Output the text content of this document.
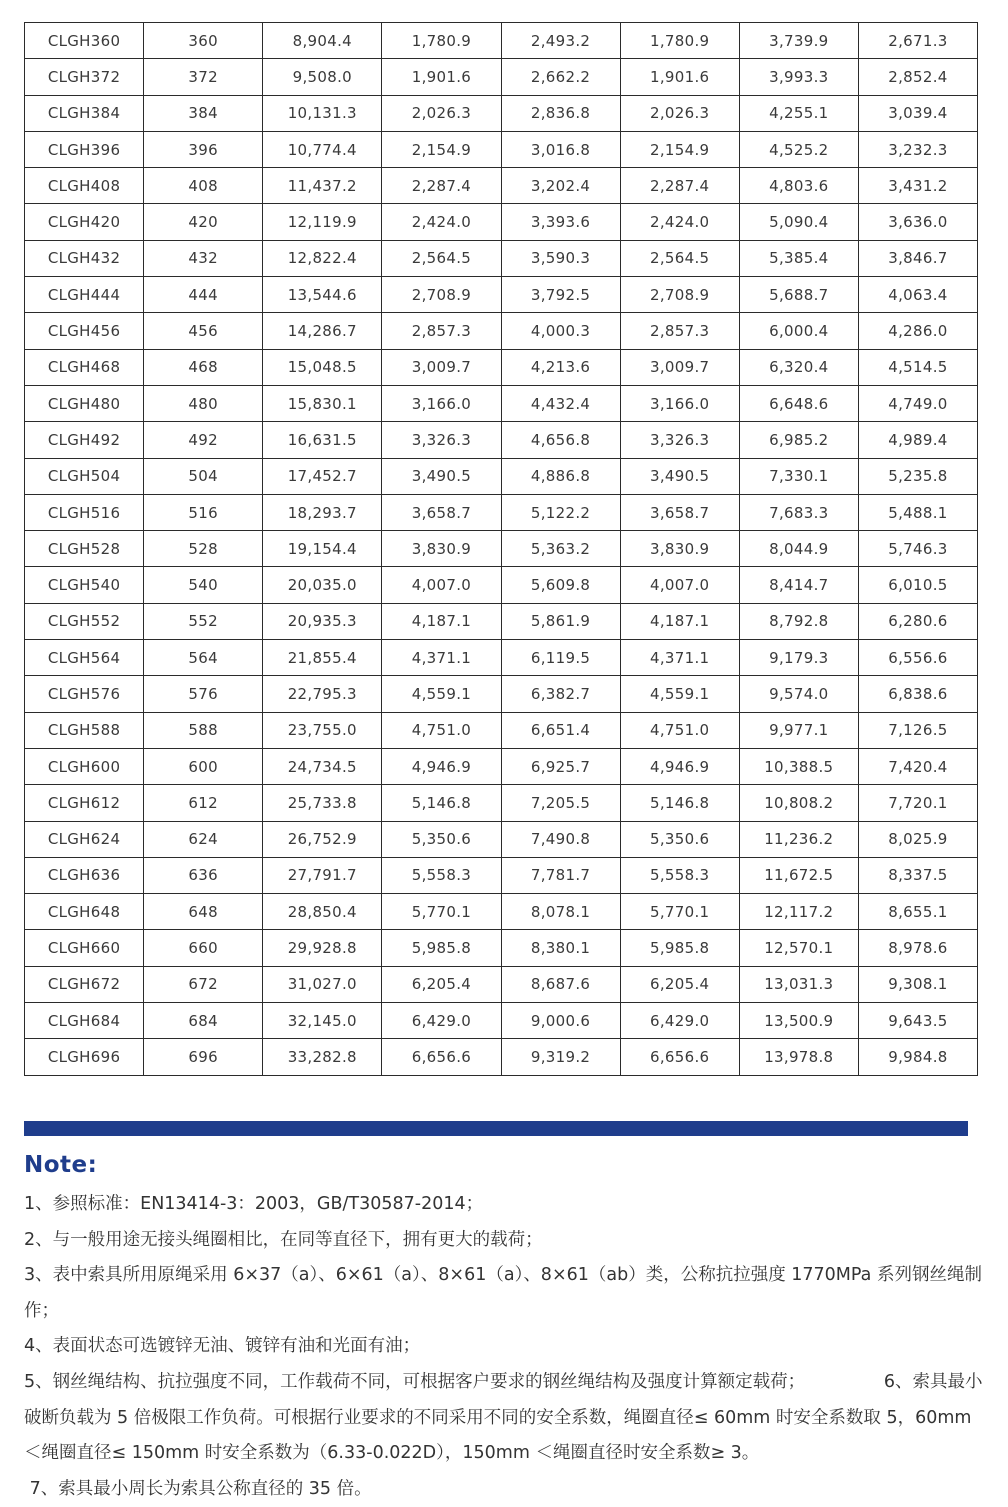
CLGH360	360	8,904.4	1,780.9	2,493.2	1,780.9	3,739.9	2,671.3
CLGH372	372	9,508.0	1,901.6	2,662.2	1,901.6	3,993.3	2,852.4
CLGH384	384	10,131.3	2,026.3	2,836.8	2,026.3	4,255.1	3,039.4
CLGH396	396	10,774.4	2,154.9	3,016.8	2,154.9	4,525.2	3,232.3
CLGH408	408	11,437.2	2,287.4	3,202.4	2,287.4	4,803.6	3,431.2
CLGH420	420	12,119.9	2,424.0	3,393.6	2,424.0	5,090.4	3,636.0
CLGH432	432	12,822.4	2,564.5	3,590.3	2,564.5	5,385.4	3,846.7
CLGH444	444	13,544.6	2,708.9	3,792.5	2,708.9	5,688.7	4,063.4
CLGH456	456	14,286.7	2,857.3	4,000.3	2,857.3	6,000.4	4,286.0
CLGH468	468	15,048.5	3,009.7	4,213.6	3,009.7	6,320.4	4,514.5
CLGH480	480	15,830.1	3,166.0	4,432.4	3,166.0	6,648.6	4,749.0
CLGH492	492	16,631.5	3,326.3	4,656.8	3,326.3	6,985.2	4,989.4
CLGH504	504	17,452.7	3,490.5	4,886.8	3,490.5	7,330.1	5,235.8
CLGH516	516	18,293.7	3,658.7	5,122.2	3,658.7	7,683.3	5,488.1
CLGH528	528	19,154.4	3,830.9	5,363.2	3,830.9	8,044.9	5,746.3
CLGH540	540	20,035.0	4,007.0	5,609.8	4,007.0	8,414.7	6,010.5
CLGH552	552	20,935.3	4,187.1	5,861.9	4,187.1	8,792.8	6,280.6
CLGH564	564	21,855.4	4,371.1	6,119.5	4,371.1	9,179.3	6,556.6
CLGH576	576	22,795.3	4,559.1	6,382.7	4,559.1	9,574.0	6,838.6
CLGH588	588	23,755.0	4,751.0	6,651.4	4,751.0	9,977.1	7,126.5
CLGH600	600	24,734.5	4,946.9	6,925.7	4,946.9	10,388.5	7,420.4
CLGH612	612	25,733.8	5,146.8	7,205.5	5,146.8	10,808.2	7,720.1
CLGH624	624	26,752.9	5,350.6	7,490.8	5,350.6	11,236.2	8,025.9
CLGH636	636	27,791.7	5,558.3	7,781.7	5,558.3	11,672.5	8,337.5
CLGH648	648	28,850.4	5,770.1	8,078.1	5,770.1	12,117.2	8,655.1
CLGH660	660	29,928.8	5,985.8	8,380.1	5,985.8	12,570.1	8,978.6
CLGH672	672	31,027.0	6,205.4	8,687.6	6,205.4	13,031.3	9,308.1
CLGH684	684	32,145.0	6,429.0	9,000.6	6,429.0	13,500.9	9,643.5
CLGH696	696	33,282.8	6,656.6	9,319.2	6,656.6	13,978.8	9,984.8
Note:
1、参照标准：EN13414-3：2003，GB/T30587-2014；
2、与一般用途无接头绳圈相比，在同等直径下，拥有更大的载荷；
3、表中索具所用原绳采用 6×37（a）、6×61（a）、8×61（a）、8×61（ab）类，公称抗拉强度 1770MPa 系列钢丝绳制作；
4、表面状态可选镀锌无油、镀锌有油和光面有油；
5、钢丝绳结构、抗拉强度不同，工作载荷不同，可根据客户要求的钢丝绳结构及强度计算额定载荷；　　　　　6、索具最小破断负载为 5 倍极限工作负荷。可根据行业要求的不同采用不同的安全系数，绳圈直径≤ 60mm 时安全系数取 5，60mm ＜绳圈直径≤ 150mm 时安全系数为（6.33-0.022D），150mm ＜绳圈直径时安全系数≥ 3。
7、索具最小周长为索具公称直径的 35 倍。
